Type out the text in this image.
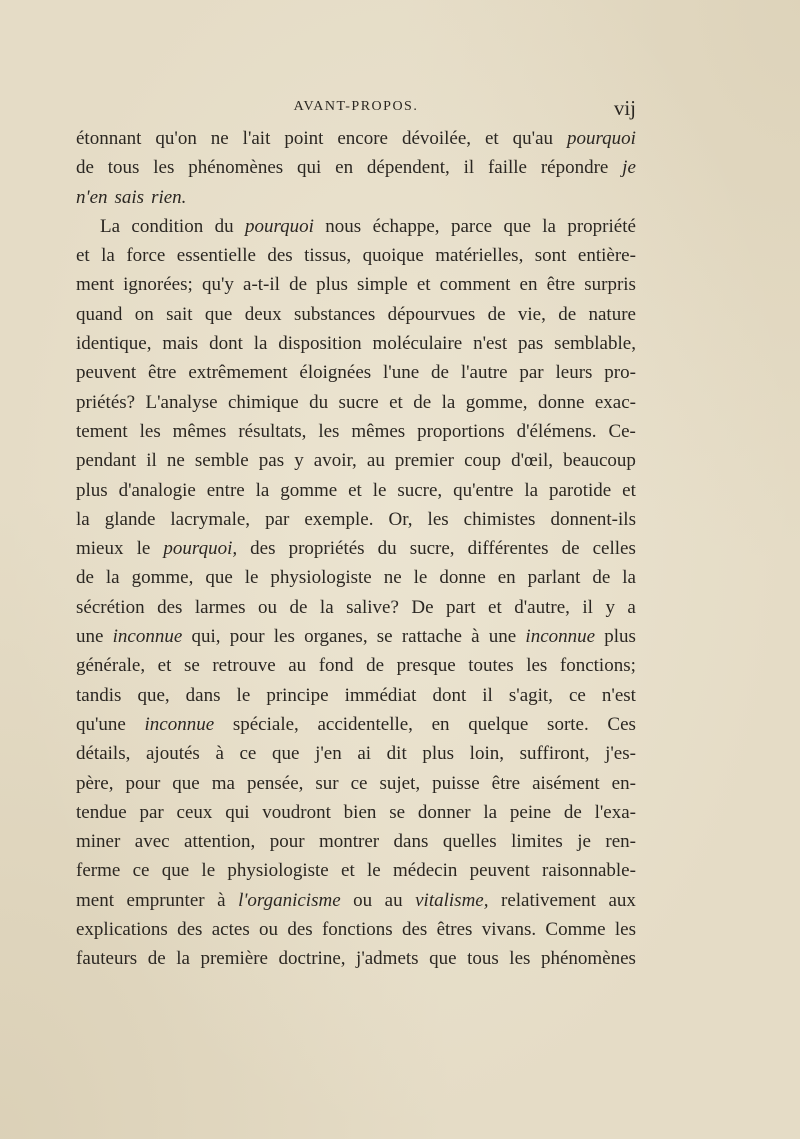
AVANT-PROPOS.	vij
étonnant qu'on ne l'ait point encore dévoilée, et qu'au pourquoi
de tous les phénomènes qui en dépendent, il faille répondre je
n'en sais rien.
La condition du pourquoi nous échappe, parce que la propriété
et la force essentielle des tissus, quoique matérielles, sont entière-
ment ignorées; qu'y a-t-il de plus simple et comment en être surpris
quand on sait que deux substances dépourvues de vie, de nature
identique, mais dont la disposition moléculaire n'est pas semblable,
peuvent être extrêmement éloignées l'une de l'autre par leurs pro-
priétés? L'analyse chimique du sucre et de la gomme, donne exac-
tement les mêmes résultats, les mêmes proportions d'élémens. Ce-
pendant il ne semble pas y avoir, au premier coup d'œil, beaucoup
plus d'analogie entre la gomme et le sucre, qu'entre la parotide et
la glande lacrymale, par exemple. Or, les chimistes donnent-ils
mieux le pourquoi, des propriétés du sucre, différentes de celles
de la gomme, que le physiologiste ne le donne en parlant de la
sécrétion des larmes ou de la salive? De part et d'autre, il y a
une inconnue qui, pour les organes, se rattache à une inconnue plus
générale, et se retrouve au fond de presque toutes les fonctions;
tandis que, dans le principe immédiat dont il s'agit, ce n'est
qu'une inconnue spéciale, accidentelle, en quelque sorte. Ces
détails, ajoutés à ce que j'en ai dit plus loin, suffiront, j'es-
père, pour que ma pensée, sur ce sujet, puisse être aisément en-
tendue par ceux qui voudront bien se donner la peine de l'exa-
miner avec attention, pour montrer dans quelles limites je ren-
ferme ce que le physiologiste et le médecin peuvent raisonnable-
ment emprunter à l'organicisme ou au vitalisme, relativement aux
explications des actes ou des fonctions des êtres vivans. Comme les
fauteurs de la première doctrine, j'admets que tous les phénomènes
